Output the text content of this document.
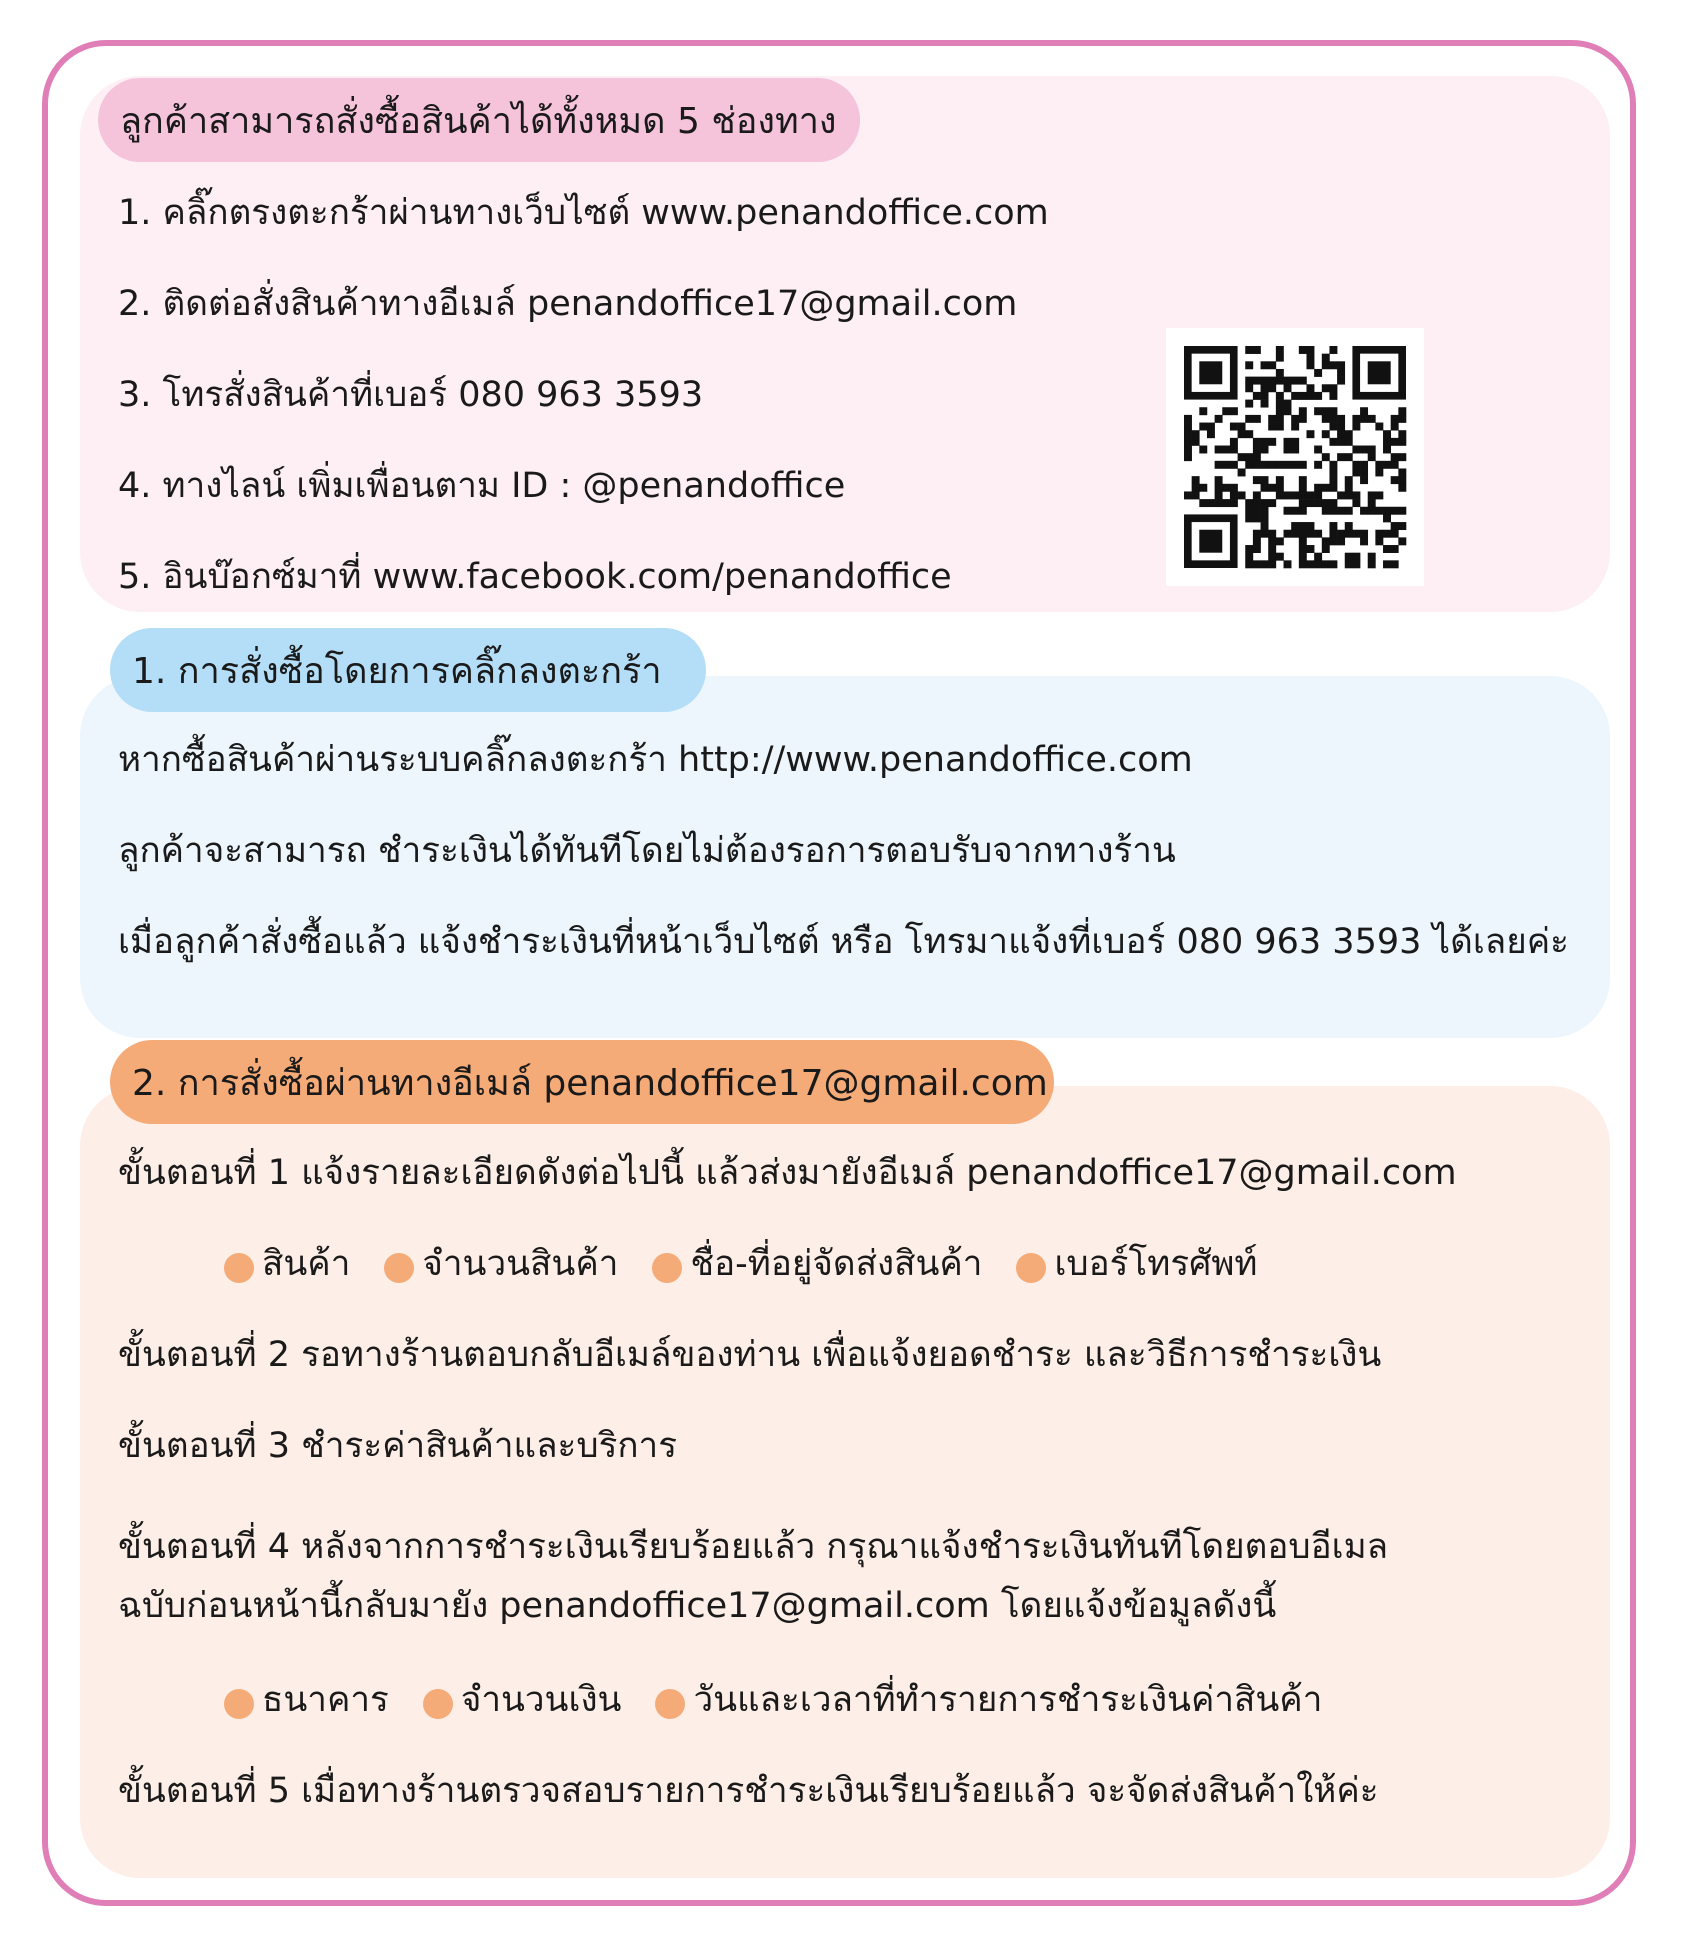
ลูกค้าสามารถสั่งซื้อสินค้าได้ทั้งหมด 5 ช่องทาง
1. คลิ๊กตรงตะกร้าผ่านทางเว็บไซต์ www.penandoffice.com
2. ติดต่อสั่งสินค้าทางอีเมล์ penandoffice17@gmail.com
3. โทรสั่งสินค้าที่เบอร์ 080 963 3593
4. ทางไลน์ เพิ่มเพื่อนตาม ID : @penandoffice
5. อินบ๊อกซ์มาที่ www.facebook.com/penandoffice
1. การสั่งซื้อโดยการคลิ๊กลงตะกร้า
หากซื้อสินค้าผ่านระบบคลิ๊กลงตะกร้า http://www.penandoffice.com
ลูกค้าจะสามารถ ชำระเงินได้ทันทีโดยไม่ต้องรอการตอบรับจากทางร้าน
เมื่อลูกค้าสั่งซื้อแล้ว แจ้งชำระเงินที่หน้าเว็บไซต์ หรือ โทรมาแจ้งที่เบอร์ 080 963 3593 ได้เลยค่ะ
2. การสั่งซื้อผ่านทางอีเมล์ penandoffice17@gmail.com
ขั้นตอนที่ 1 แจ้งรายละเอียดดังต่อไปนี้ แล้วส่งมายังอีเมล์ penandoffice17@gmail.com
สินค้า จำนวนสินค้า ชื่อ-ที่อยู่จัดส่งสินค้า เบอร์โทรศัพท์
ขั้นตอนที่ 2 รอทางร้านตอบกลับอีเมล์ของท่าน เพื่อแจ้งยอดชำระ และวิธีการชำระเงิน
ขั้นตอนที่ 3 ชำระค่าสินค้าและบริการ
ขั้นตอนที่ 4 หลังจากการชำระเงินเรียบร้อยแล้ว กรุณาแจ้งชำระเงินทันทีโดยตอบอีเมล
ฉบับก่อนหน้านี้กลับมายัง penandoffice17@gmail.com โดยแจ้งข้อมูลดังนี้
ธนาคาร จำนวนเงิน วันและเวลาที่ทำรายการชำระเงินค่าสินค้า
ขั้นตอนที่ 5 เมื่อทางร้านตรวจสอบรายการชำระเงินเรียบร้อยแล้ว จะจัดส่งสินค้าให้ค่ะ
